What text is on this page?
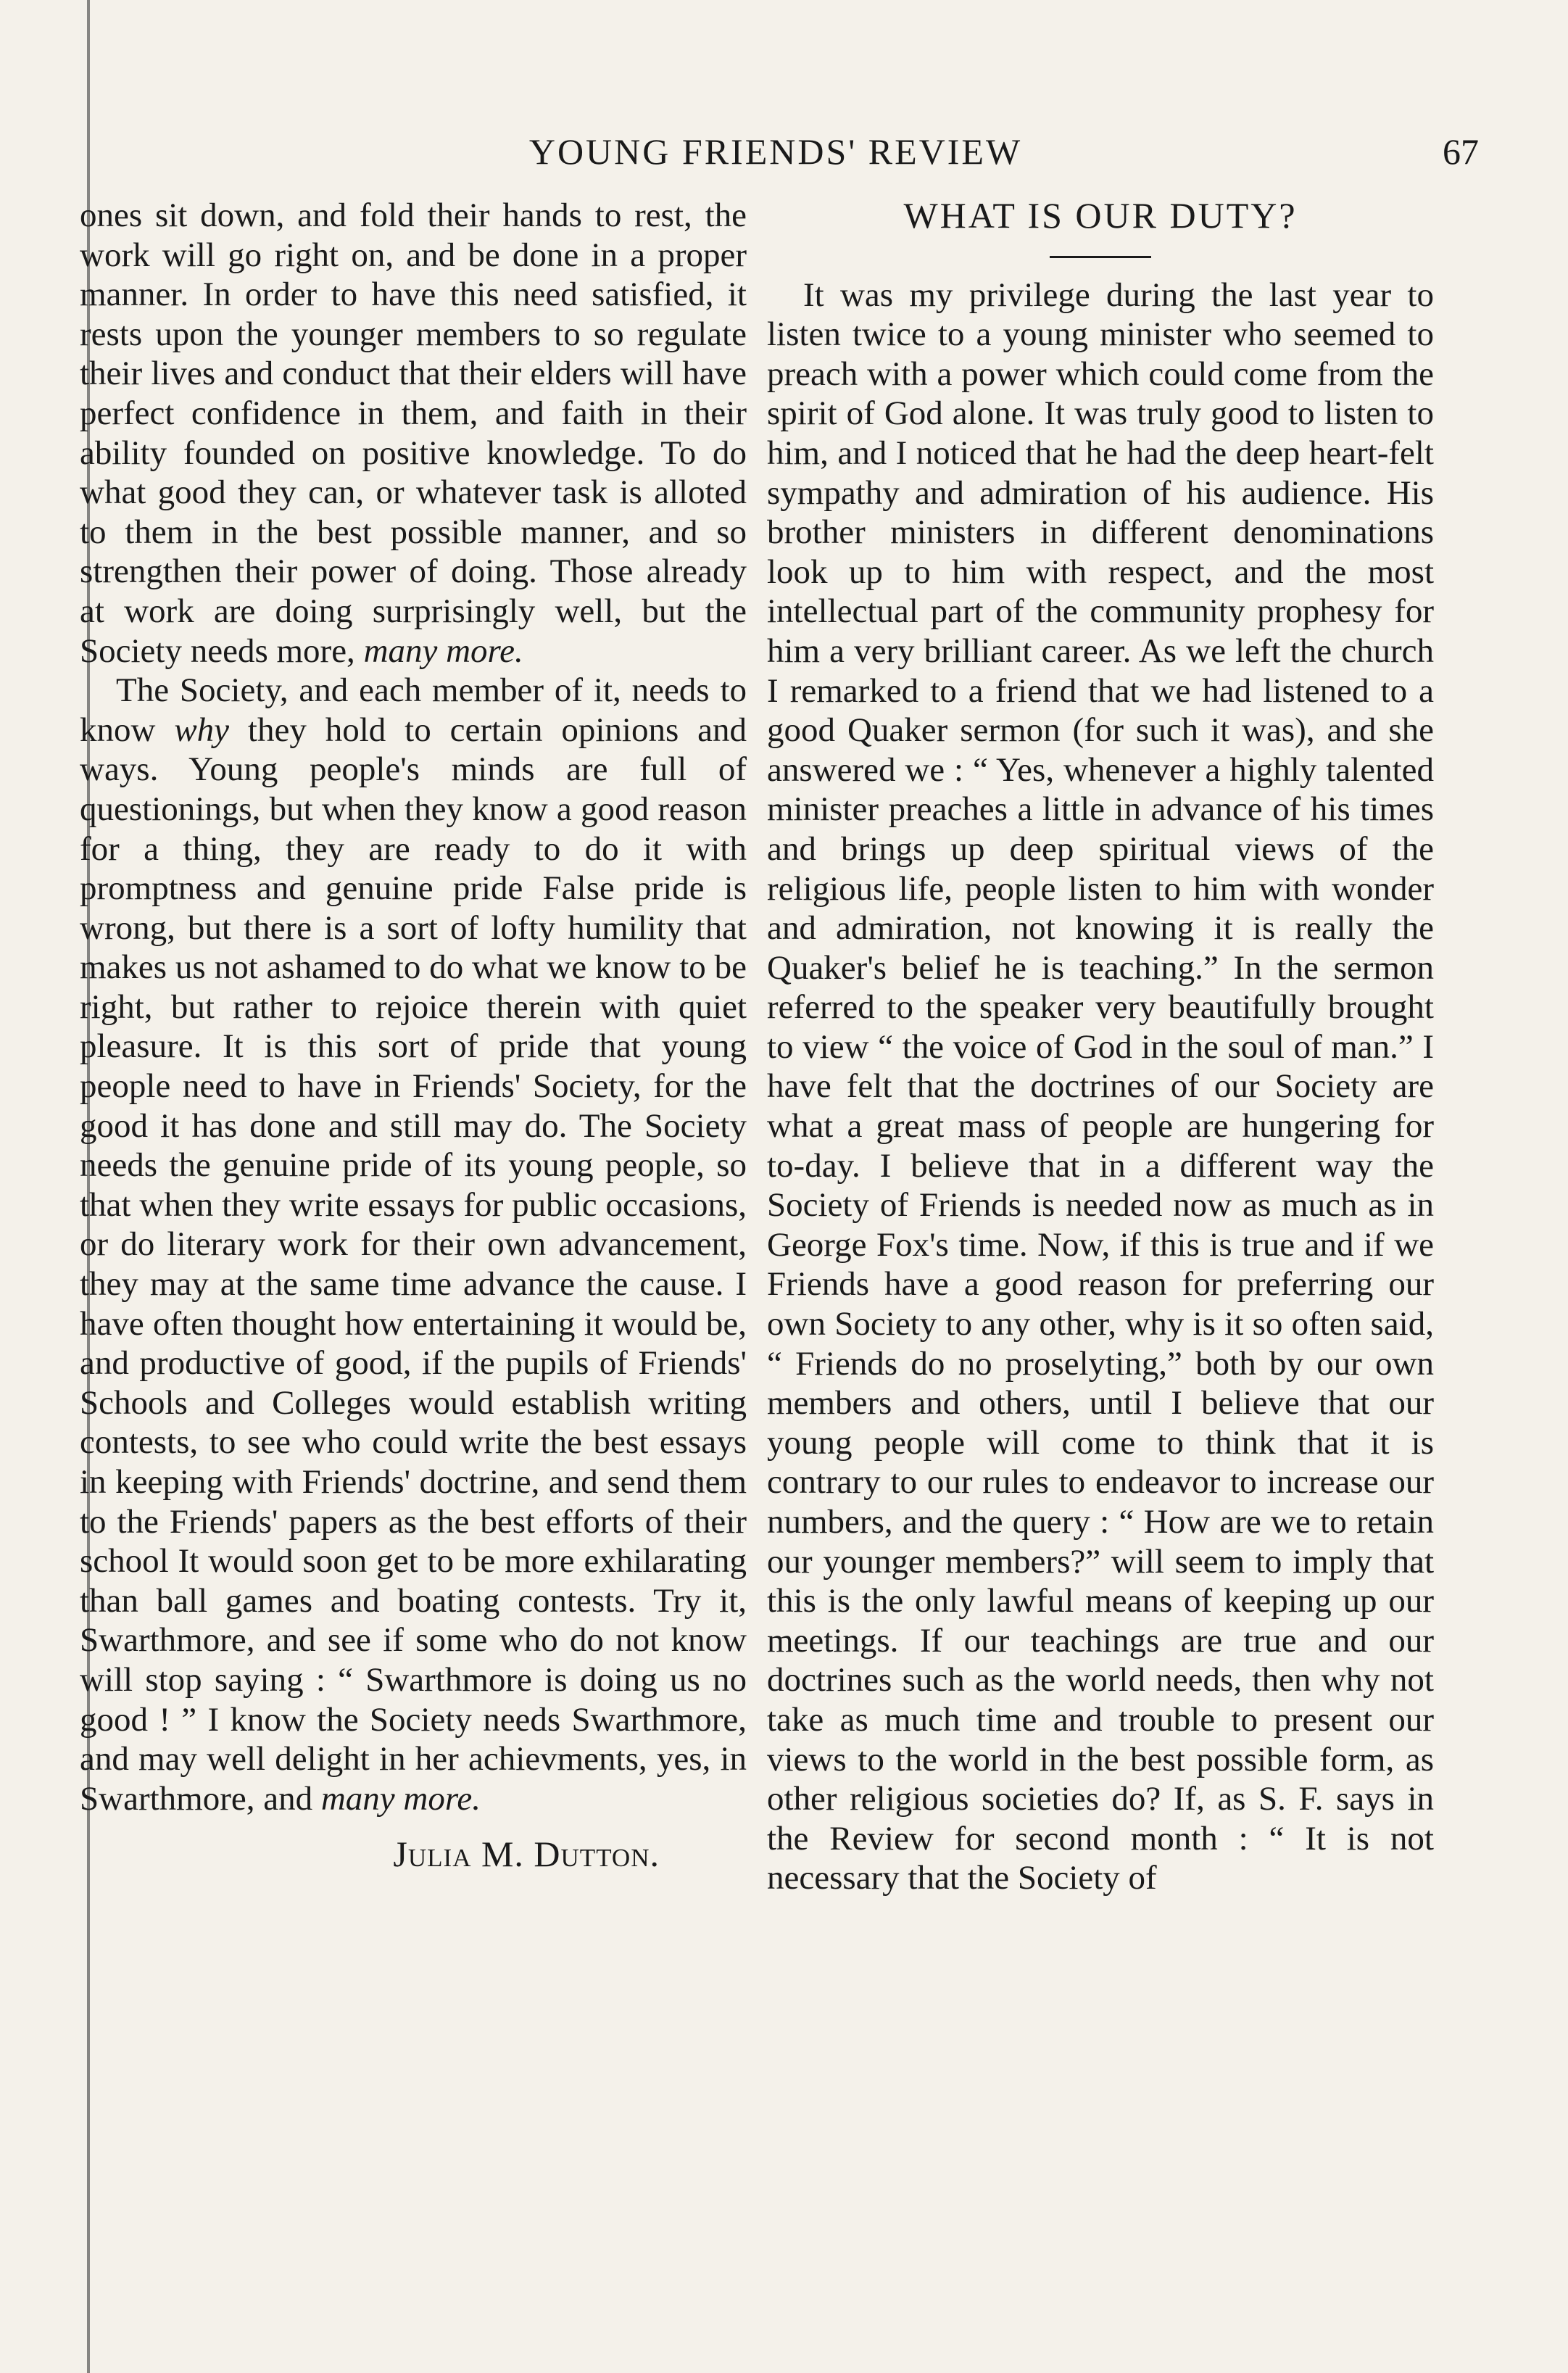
YOUNG FRIENDS' REVIEW	67

ones sit down, and fold their hands to rest, the work will go right on, and be done in a proper manner. In order to have this need satisfied, it rests upon the younger members to so regulate their lives and conduct that their elders will have perfect confidence in them, and faith in their ability founded on positive knowledge. To do what good they can, or whatever task is alloted to them in the best possible manner, and so strengthen their power of doing. Those already at work are doing surprisingly well, but the Society needs more, many more.

The Society, and each member of it, needs to know why they hold to certain opinions and ways. Young people's minds are full of questionings, but when they know a good reason for a thing, they are ready to do it with promptness and genuine pride False pride is wrong, but there is a sort of lofty humility that makes us not ashamed to do what we know to be right, but rather to rejoice therein with quiet pleasure. It is this sort of pride that young people need to have in Friends' Society, for the good it has done and still may do. The Society needs the genuine pride of its young people, so that when they write essays for public occasions, or do literary work for their own advancement, they may at the same time advance the cause. I have often thought how entertaining it would be, and productive of good, if the pupils of Friends' Schools and Colleges would establish writing contests, to see who could write the best essays in keeping with Friends' doctrine, and send them to the Friends' papers as the best efforts of their school It would soon get to be more exhilarating than ball games and boating contests. Try it, Swarthmore, and see if some who do not know will stop saying : “ Swarthmore is doing us no good ! ” I know the Society needs Swarthmore, and may well delight in her achievments, yes, in Swarthmore, and many more.

Julia M. Dutton.

WHAT IS OUR DUTY?

It was my privilege during the last year to listen twice to a young minister who seemed to preach with a power which could come from the spirit of God alone. It was truly good to listen to him, and I noticed that he had the deep heart-felt sympathy and admiration of his audience. His brother ministers in different denominations look up to him with respect, and the most intellectual part of the community prophesy for him a very brilliant career. As we left the church I remarked to a friend that we had listened to a good Quaker sermon (for such it was), and she answered we : “ Yes, whenever a highly talented minister preaches a little in advance of his times and brings up deep spiritual views of the religious life, people listen to him with wonder and admiration, not knowing it is really the Quaker's belief he is teaching.” In the sermon referred to the speaker very beautifully brought to view “ the voice of God in the soul of man.” I have felt that the doctrines of our Society are what a great mass of people are hungering for to-day. I believe that in a different way the Society of Friends is needed now as much as in George Fox's time. Now, if this is true and if we Friends have a good reason for preferring our own Society to any other, why is it so often said, “ Friends do no proselyting,” both by our own members and others, until I believe that our young people will come to think that it is contrary to our rules to endeavor to increase our numbers, and the query : “ How are we to retain our younger members?” will seem to imply that this is the only lawful means of keeping up our meetings. If our teachings are true and our doctrines such as the world needs, then why not take as much time and trouble to present our views to the world in the best possible form, as other religious societies do? If, as S. F. says in the Review for second month : “ It is not necessary that the Society of
